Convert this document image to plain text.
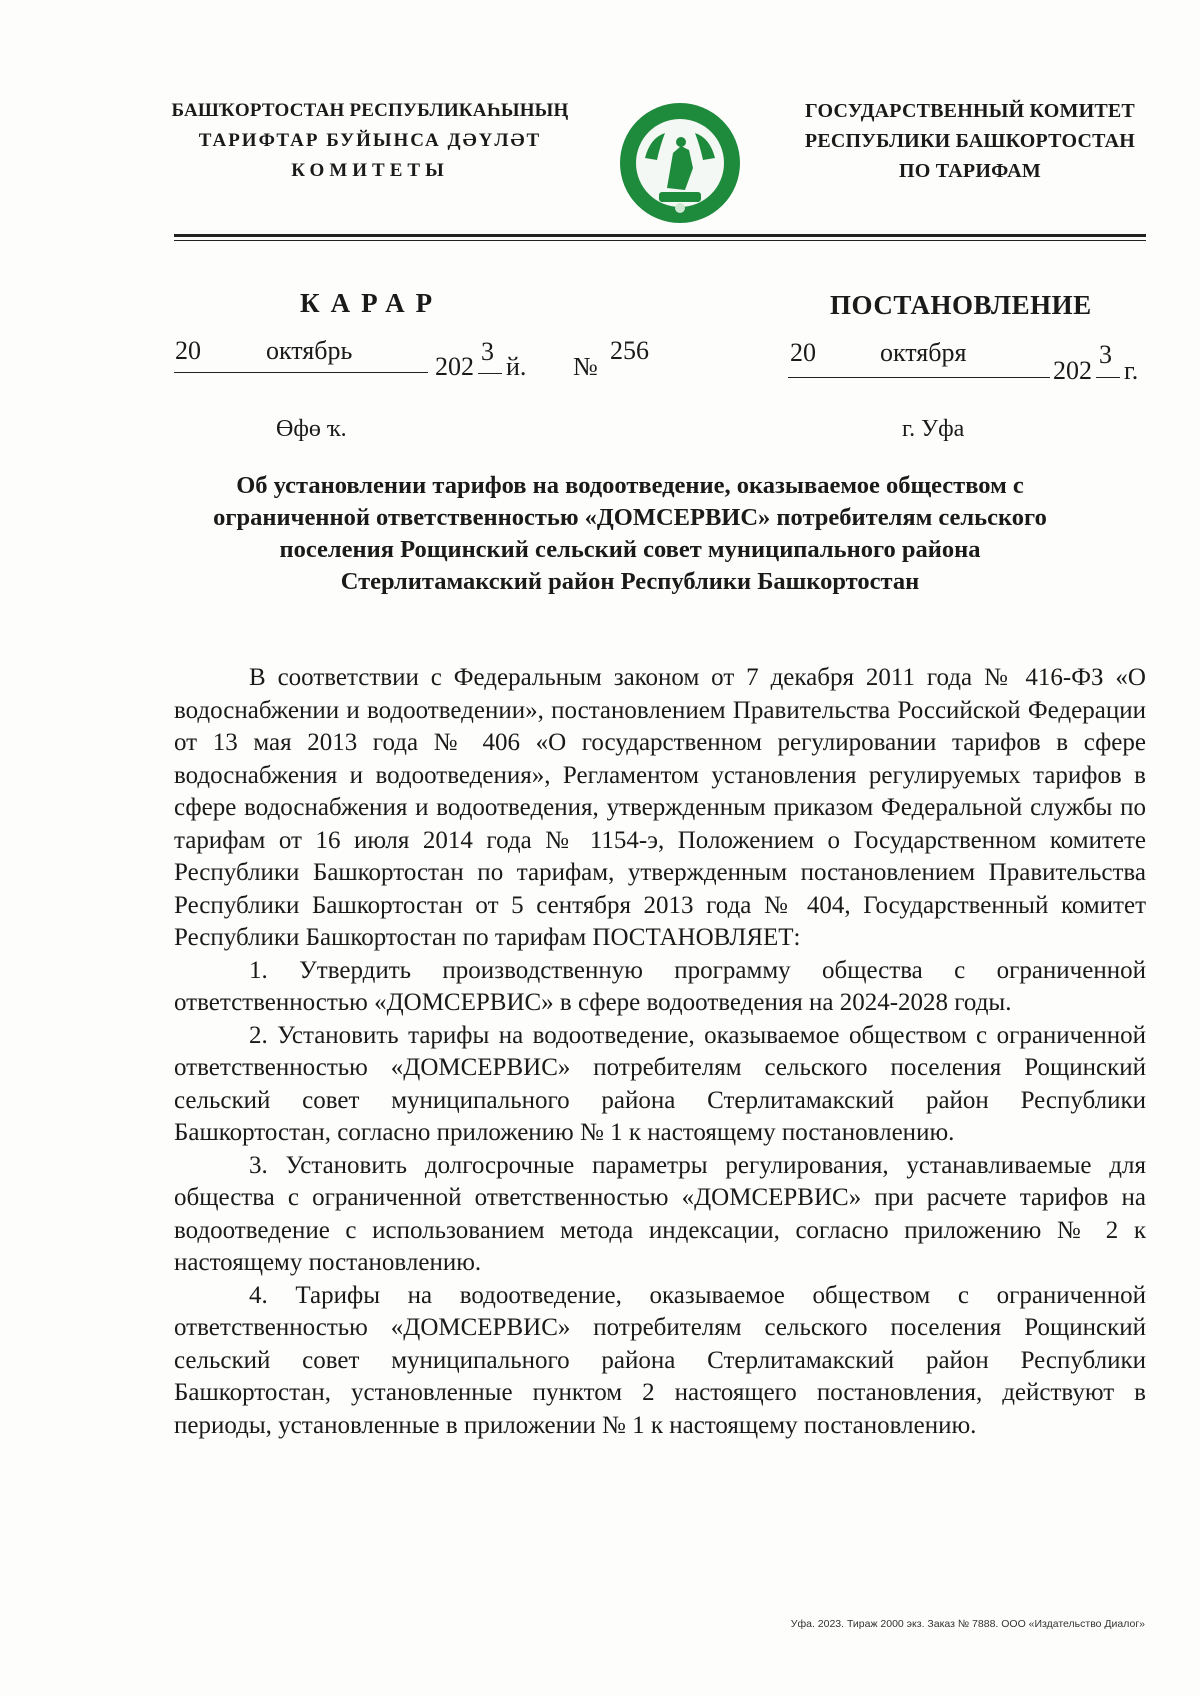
БАШҠОРТОСТАН РЕСПУБЛИКАҺЫНЫҢ
ТАРИФТАР БУЙЫНСА ДӘҮЛӘТ
КОМИТЕТЫ
ГОСУДАРСТВЕННЫЙ КОМИТЕТ
РЕСПУБЛИКИ БАШКОРТОСТАН
ПО ТАРИФАМ
КАРАР	ПОСТАНОВЛЕНИЕ
20	октябрь
202
3
й. №
256	20 октября
202
3
г.
Өфө ҡ.	г. Уфа
Об установлении тарифов на водоотведение, оказываемое обществом с ограниченной ответственностью «ДОМСЕРВИС» потребителям сельского поселения Рощинский сельский совет муниципального района Стерлитамакский район Республики Башкортостан

В соответствии с Федеральным законом от 7 декабря 2011 года № 416-ФЗ «О водоснабжении и водоотведении», постановлением Правительства Российской Федерации от 13 мая 2013 года № 406 «О государственном регулировании тарифов в сфере водоснабжения и водоотведения», Регламентом установления регулируемых тарифов в сфере водоснабжения и водоотведения, утвержденным приказом Федеральной службы по тарифам от 16 июля 2014 года № 1154-э, Положением о Государственном комитете Республики Башкортостан по тарифам, утвержденным постановлением Правительства Республики Башкортостан от 5 сентября 2013 года № 404, Государственный комитет Республики Башкортостан по тарифам ПОСТАНОВЛЯЕТ:

1. Утвердить производственную программу общества с ограниченной ответственностью «ДОМСЕРВИС» в сфере водоотведения на 2024-2028 годы.

2. Установить тарифы на водоотведение, оказываемое обществом с ограниченной ответственностью «ДОМСЕРВИС» потребителям сельского поселения Рощинский сельский совет муниципального района Стерлитамакский район Республики Башкортостан, согласно приложению № 1 к настоящему постановлению.

3. Установить долгосрочные параметры регулирования, устанавливаемые для общества с ограниченной ответственностью «ДОМСЕРВИС» при расчете тарифов на водоотведение с использованием метода индексации, согласно приложению № 2 к настоящему постановлению.

4. Тарифы на водоотведение, оказываемое обществом с ограниченной ответственностью «ДОМСЕРВИС» потребителям сельского поселения Рощинский сельский совет муниципального района Стерлитамакский район Республики Башкортостан, установленные пунктом 2 настоящего постановления, действуют в периоды, установленные в приложении № 1 к настоящему постановлению.

Уфа. 2023. Тираж 2000 экз. Заказ № 7888. ООО «Издательство Диалог»
